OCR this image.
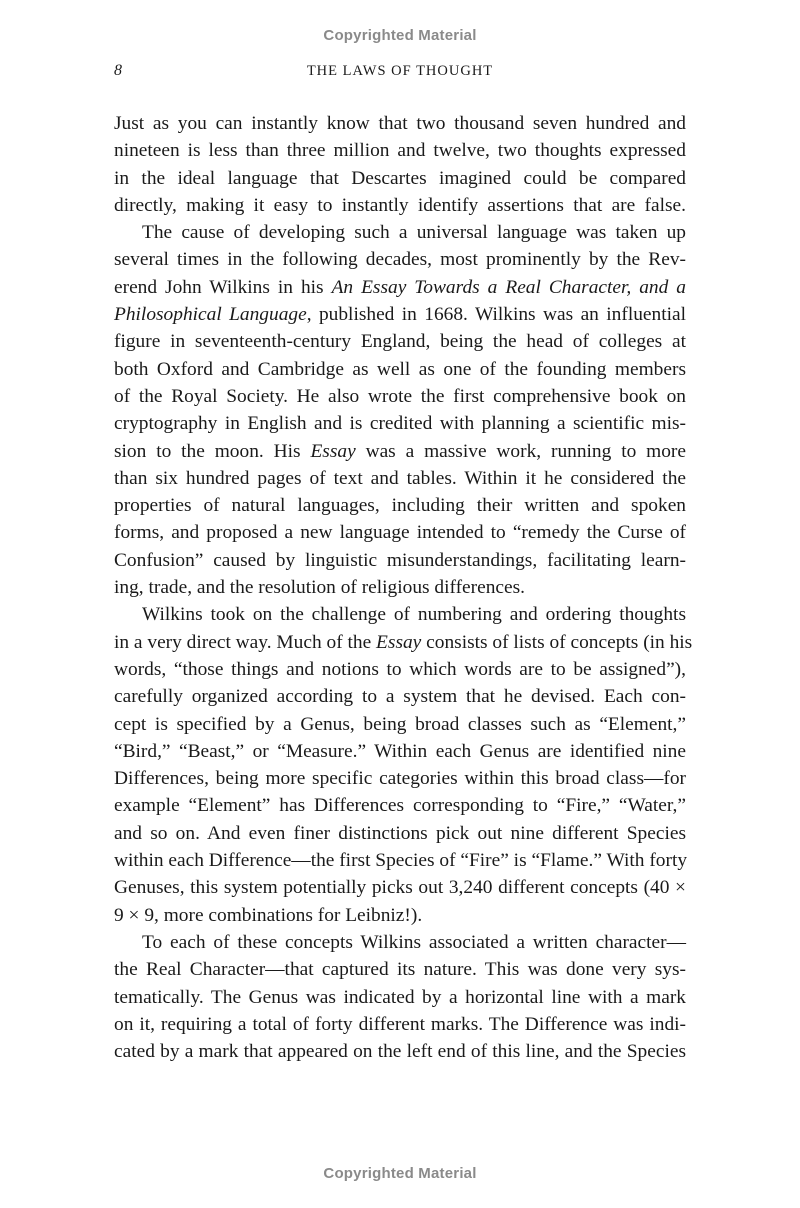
Copyrighted Material
8	THE LAWS OF THOUGHT
Just as you can instantly know that two thousand seven hundred and
nineteen is less than three million and twelve, two thoughts expressed
in the ideal language that Descartes imagined could be compared
directly, making it easy to instantly identify assertions that are false.
The cause of developing such a universal language was taken up
several times in the following decades, most prominently by the Rev-
erend John Wilkins in his An Essay Towards a Real Character, and a
Philosophical Language, published in 1668. Wilkins was an influential
figure in seventeenth-century England, being the head of colleges at
both Oxford and Cambridge as well as one of the founding members
of the Royal Society. He also wrote the first comprehensive book on
cryptography in English and is credited with planning a scientific mis-
sion to the moon. His Essay was a massive work, running to more
than six hundred pages of text and tables. Within it he considered the
properties of natural languages, including their written and spoken
forms, and proposed a new language intended to “remedy the Curse of
Confusion” caused by linguistic misunderstandings, facilitating learn-
ing, trade, and the resolution of religious differences.
Wilkins took on the challenge of numbering and ordering thoughts
in a very direct way. Much of the Essay consists of lists of concepts (in his
words, “those things and notions to which words are to be assigned”),
carefully organized according to a system that he devised. Each con-
cept is specified by a Genus, being broad classes such as “Element,”
“Bird,” “Beast,” or “Measure.” Within each Genus are identified nine
Differences, being more specific categories within this broad class—for
example “Element” has Differences corresponding to “Fire,” “Water,”
and so on. And even finer distinctions pick out nine different Species
within each Difference—the first Species of “Fire” is “Flame.” With forty
Genuses, this system potentially picks out 3,240 different concepts (40 ×
9 × 9, more combinations for Leibniz!).
To each of these concepts Wilkins associated a written character—
the Real Character—that captured its nature. This was done very sys-
tematically. The Genus was indicated by a horizontal line with a mark
on it, requiring a total of forty different marks. The Difference was indi-
cated by a mark that appeared on the left end of this line, and the Species
Copyrighted Material
